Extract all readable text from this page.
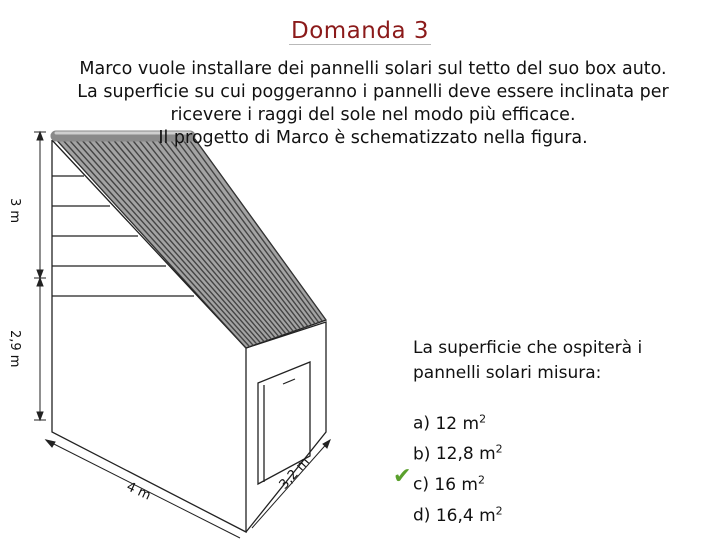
3 m
2,9 m
4 m	3,2 m
Domanda 3
Marco vuole installare dei pannelli solari sul tetto del suo box auto.
La superficie su cui poggeranno i pannelli deve essere inclinata per
ricevere i raggi del sole nel modo più efficace.
Il progetto di Marco è schematizzato nella figura.
La superficie che ospiterà i
pannelli solari misura:
a) 12 $m^2$
b) 12,8 $m^2$
✔ c) 16 $m^2$
d) 16,4 $m^2$
